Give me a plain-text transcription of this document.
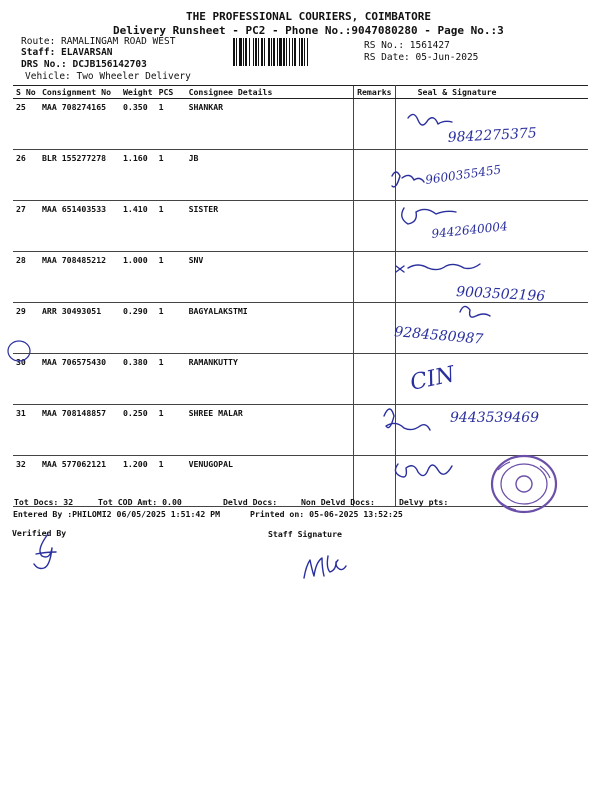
THE PROFESSIONAL COURIERS, COIMBATORE
Delivery Runsheet - PC2 - Phone No.:9047080280 - Page No.:3
Route: RAMALINGAM ROAD WEST
Staff: ELAVARSAN
DRS No.: DCJB156142703
Vehicle: Two Wheeler Delivery
RS No.: 1561427
RS Date: 05-Jun-2025
S No	Consignment No	Weight	PCS	Consignee Details	Remarks	Seal & Signature
25	MAA 708274165	0.350	1	SHANKAR		
26	BLR 155277278	1.160	1	JB		
27	MAA 651403533	1.410	1	SISTER		
28	MAA 708485212	1.000	1	SNV		
29	ARR 30493051	0.290	1	BAGYALAKSTMI		
30	MAA 706575430	0.380	1	RAMANKUTTY		
31	MAA 708148857	0.250	1	SHREE MALAR		
32	MAA 577062121	1.200	1	VENUGOPAL		
9842275375
9600355455
9442640004
9003502196
9284580987
CIN
9443539469
Tot Docs: 32	Tot COD Amt: 0.00	Delvd Docs:	Non Delvd Docs:	Delvy pts:
Entered By :PHILOMI2 06/05/2025 1:51:42 PM	Printed on: 05-06-2025 13:52:25
Verified By	Staff Signature
